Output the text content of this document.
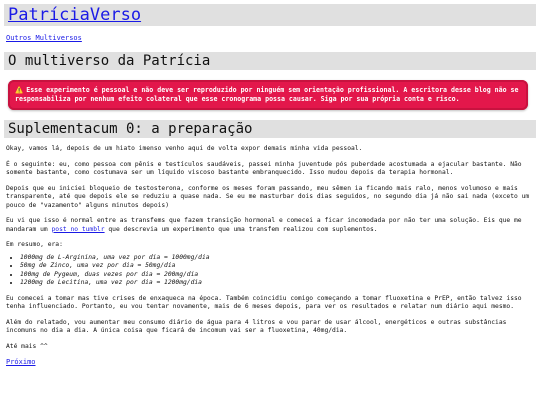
PatríciaVerso
Outros Multiversos
O multiverso da Patrícia
⚠️ Esse experimento é pessoal e não deve ser reproduzido por ninguém sem orientação profissional. A escritora desse blog não se responsabiliza por nenhum efeito colateral que esse cronograma possa causar. Siga por sua própria conta e risco.
Suplementacum 0: a preparação

Okay, vamos lá, depois de um hiato imenso venho aqui de volta expor demais minha vida pessoal.

É o seguinte: eu, como pessoa com pênis e testículos saudáveis, passei minha juventude pós puberdade acostumada a ejacular bastante. Não somente bastante, como costumava ser um líquido viscoso bastante embranquecido. Isso mudou depois da terapia hormonal.

Depois que eu iniciei bloqueio de testosterona, conforme os meses foram passando, meu sêmen ia ficando mais ralo, menos volumoso e mais transparente, até que depois ele se reduziu a quase nada. Se eu me masturbar dois dias seguidos, no segundo dia já não sai nada (exceto um pouco de "vazamento" alguns minutos depois)

Eu vi que isso é normal entre as transfems que fazem transição hormonal e comecei a ficar incomodada por não ter uma solução. Eis que me mandaram um post no tumblr que descrevia um experimento que uma transfem realizou com suplementos.

Em resumo, era:

• 1000mg de L-Arginina, uma vez por dia = 1000mg/dia
• 50mg de Zinco, uma vez por dia = 50mg/dia
• 100mg de Pygeum, duas vezes por dia = 200mg/dia
• 1200mg de Lecitina, uma vez por dia = 1200mg/dia

Eu comecei a tomar mas tive crises de enxaqueca na época. Também coincidiu comigo começando a tomar fluoxetina e PrEP, então talvez isso tenha influenciado. Portanto, eu vou tentar novamente, mais de 6 meses depois, para ver os resultados e relatar num diário aqui mesmo.

Além do relatado, vou aumentar meu consumo diário de água para 4 litros e vou parar de usar álcool, energéticos e outras substâncias incomuns no dia a dia. A única coisa que ficará de incomum vai ser a fluoxetina, 40mg/dia.

Até mais ^^

Próximo
